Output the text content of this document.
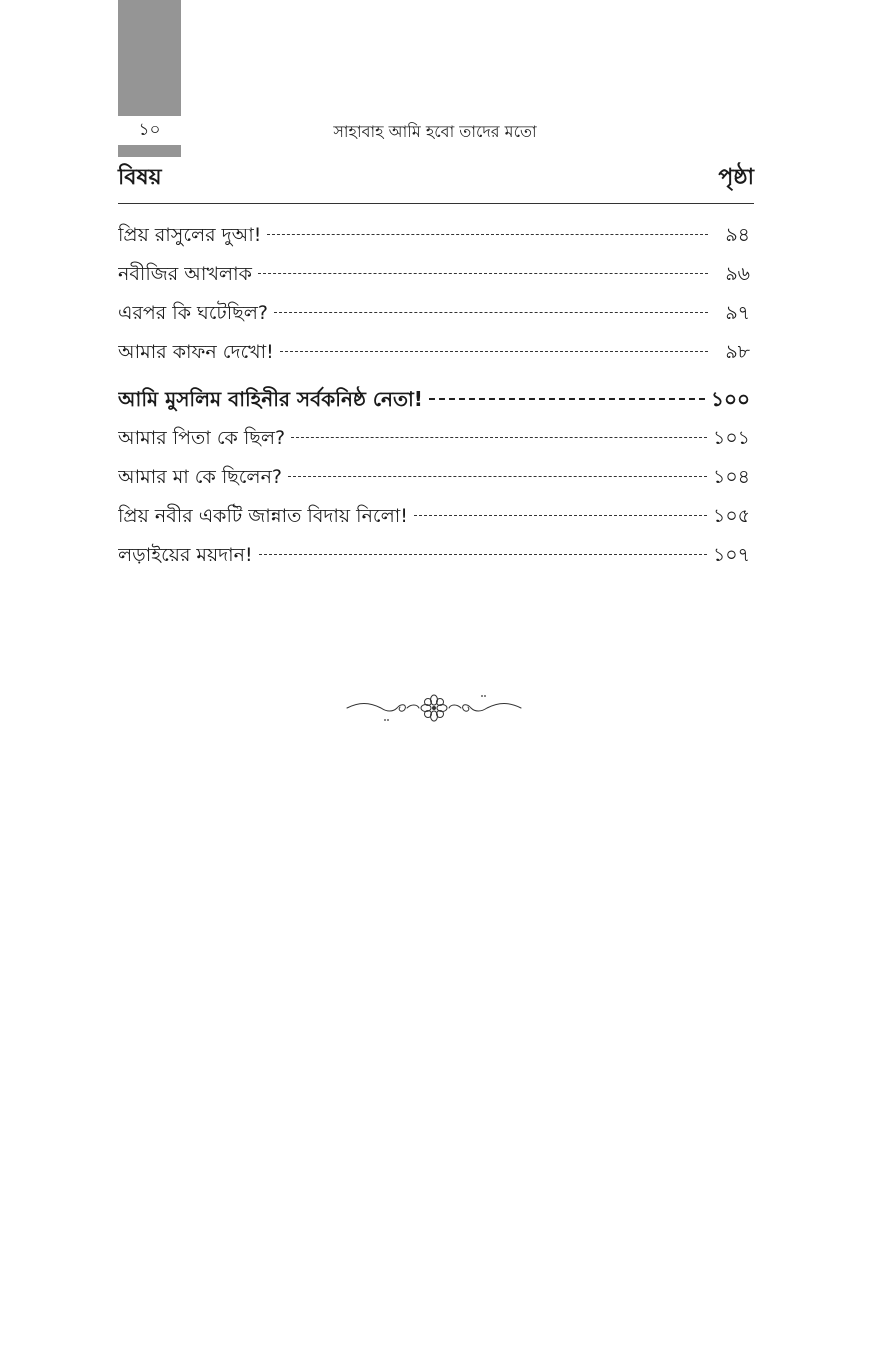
১০	সাহাবাহ আমি হবো তাদের মতো
বিষয়	পৃষ্ঠা
প্রিয় রাসুলের দুআ!	৯৪
নবীজির আখলাক	৯৬
এরপর কি ঘটেছিল?	৯৭
আমার কাফন দেখো!	৯৮
আমি মুসলিম বাহিনীর সর্বকনিষ্ঠ নেতা!	১০০
আমার পিতা কে ছিল?	১০১
আমার মা কে ছিলেন?	১০৪
প্রিয় নবীর একটি জান্নাত বিদায় নিলো!	১০৫
লড়াইয়ের ময়দান!	১০৭
